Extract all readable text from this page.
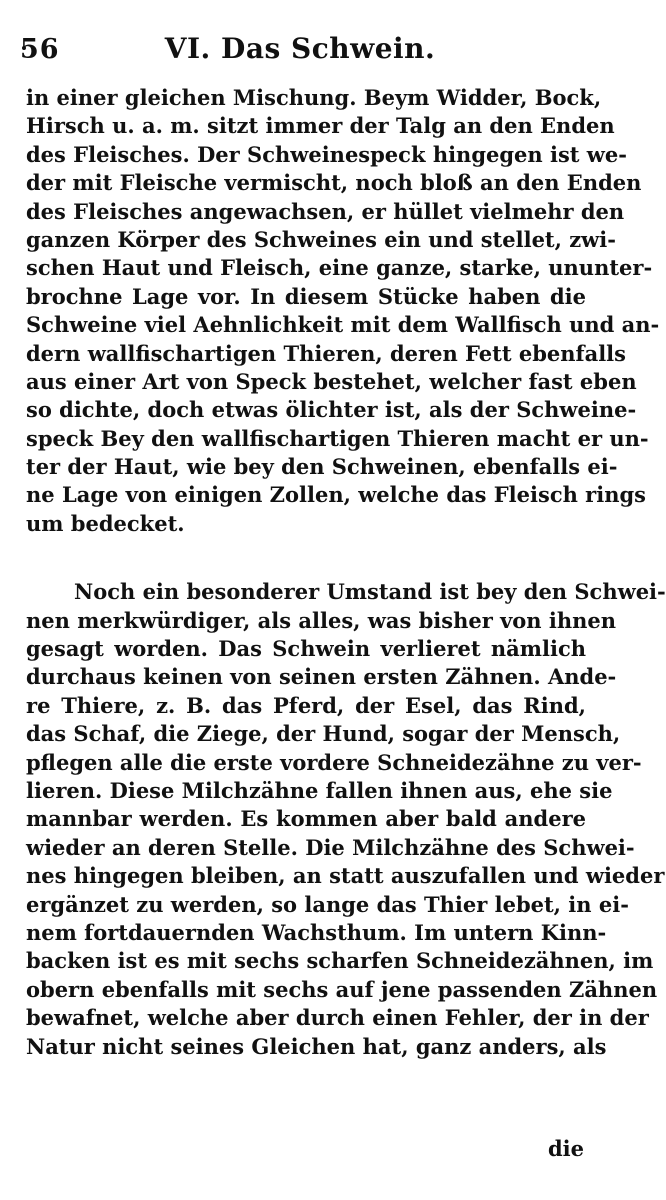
56	VI. Das Schwein.
in einer gleichen Mischung. Beym Widder, Bock,
Hirsch u. a. m. sitzt immer der Talg an den Enden
des Fleisches. Der Schweinespeck hingegen ist we-
der mit Fleische vermischt, noch bloß an den Enden
des Fleisches angewachsen, er hüllet vielmehr den
ganzen Körper des Schweines ein und stellet, zwi-
schen Haut und Fleisch, eine ganze, starke, ununter-
brochne Lage vor. In diesem Stücke haben die
Schweine viel Aehnlichkeit mit dem Wallfisch und an-
dern wallfischartigen Thieren, deren Fett ebenfalls
aus einer Art von Speck bestehet, welcher fast eben
so dichte, doch etwas ölichter ist, als der Schweine-
speck Bey den wallfischartigen Thieren macht er un-
ter der Haut, wie bey den Schweinen, ebenfalls ei-
ne Lage von einigen Zollen, welche das Fleisch rings
um bedecket.
Noch ein besonderer Umstand ist bey den Schwei-
nen merkwürdiger, als alles, was bisher von ihnen
gesagt worden. Das Schwein verlieret nämlich
durchaus keinen von seinen ersten Zähnen. Ande-
re Thiere, z. B. das Pferd, der Esel, das Rind,
das Schaf, die Ziege, der Hund, sogar der Mensch,
pflegen alle die erste vordere Schneidezähne zu ver-
lieren. Diese Milchzähne fallen ihnen aus, ehe sie
mannbar werden. Es kommen aber bald andere
wieder an deren Stelle. Die Milchzähne des Schwei-
nes hingegen bleiben, an statt auszufallen und wieder
ergänzet zu werden, so lange das Thier lebet, in ei-
nem fortdauernden Wachsthum. Im untern Kinn-
backen ist es mit sechs scharfen Schneidezähnen, im
obern ebenfalls mit sechs auf jene passenden Zähnen
bewafnet, welche aber durch einen Fehler, der in der
Natur nicht seines Gleichen hat, ganz anders, als
die
